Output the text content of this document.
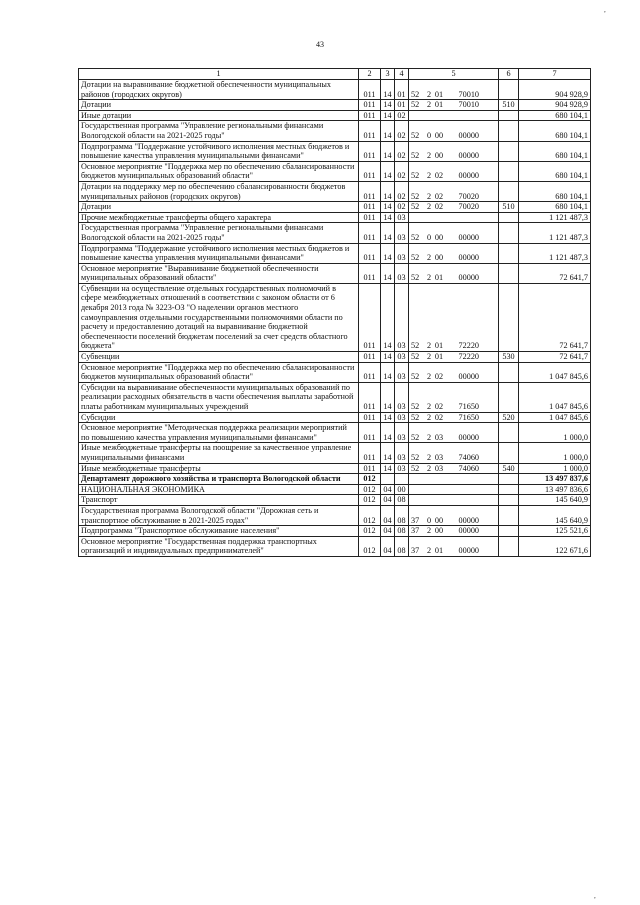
43
1	2	3	4	5	6	7
Дотации на выравнивание бюджетной обеспеченности муниципальных районов (городских округов)	011	14	01	52 2 01 70010		904 928,9
Дотации	011	14	01	52 2 01 70010	510	904 928,9
Иные дотации	011	14	02			680 104,1
Государственная программа "Управление региональными финансами Вологодской области на 2021-2025 годы"	011	14	02	52 0 00 00000		680 104,1
Подпрограмма "Поддержание устойчивого исполнения местных бюджетов и повышение качества управления муниципальными финансами"	011	14	02	52 2 00 00000		680 104,1
Основное мероприятие "Поддержка мер по обеспечению сбалансированности бюджетов муниципальных образований области"	011	14	02	52 2 02 00000		680 104,1
Дотации на поддержку мер по обеспечению сбалансированности бюджетов муниципальных районов (городских округов)	011	14	02	52 2 02 70020		680 104,1
Дотации	011	14	02	52 2 02 70020	510	680 104,1
Прочие межбюджетные трансферты общего характера	011	14	03			1 121 487,3
Государственная программа "Управление региональными финансами Вологодской области на 2021-2025 годы"	011	14	03	52 0 00 00000		1 121 487,3
Подпрограмма "Поддержание устойчивого исполнения местных бюджетов и повышение качества управления муниципальными финансами"	011	14	03	52 2 00 00000		1 121 487,3
Основное мероприятие "Выравнивание бюджетной обеспеченности муниципальных образований области"	011	14	03	52 2 01 00000		72 641,7
Субвенции на осуществление отдельных государственных полномочий в сфере межбюджетных отношений в соответствии с законом области от 6 декабря 2013 года № 3223-ОЗ "О наделении органов местного самоуправления отдельными государственными полномочиями области по расчету и предоставлению дотаций на выравнивание бюджетной обеспеченности поселений бюджетам поселений за счет средств областного бюджета"	011	14	03	52 2 01 72220		72 641,7
Субвенции	011	14	03	52 2 01 72220	530	72 641,7
Основное мероприятие "Поддержка мер по обеспечению сбалансированности бюджетов муниципальных образований области"	011	14	03	52 2 02 00000		1 047 845,6
Субсидии на выравнивание обеспеченности муниципальных образований по реализации расходных обязательств в части обеспечения выплаты заработной платы работникам муниципальных учреждений	011	14	03	52 2 02 71650		1 047 845,6
Субсидии	011	14	03	52 2 02 71650	520	1 047 845,6
Основное мероприятие "Методическая поддержка реализации мероприятий по повышению качества управления муниципальными финансами"	011	14	03	52 2 03 00000		1 000,0
Иные межбюджетные трансферты на поощрение за качественное управление муниципальными финансами	011	14	03	52 2 03 74060		1 000,0
Иные межбюджетные трансферты	011	14	03	52 2 03 74060	540	1 000,0
Департамент дорожного хозяйства и транспорта Вологодской области	012					13 497 837,6
НАЦИОНАЛЬНАЯ ЭКОНОМИКА	012	04	00			13 497 836,6
Транспорт	012	04	08			145 640,9
Государственная программа Вологодской области "Дорожная сеть и транспортное обслуживание в 2021-2025 годах"	012	04	08	37 0 00 00000		145 640,9
Подпрограмма "Транспортное обслуживание населения"	012	04	08	37 2 00 00000		125 521,6
Основное мероприятие "Государственная поддержка транспортных организаций и индивидуальных предпринимателей"	012	04	08	37 2 01 00000		122 671,6
,
,
